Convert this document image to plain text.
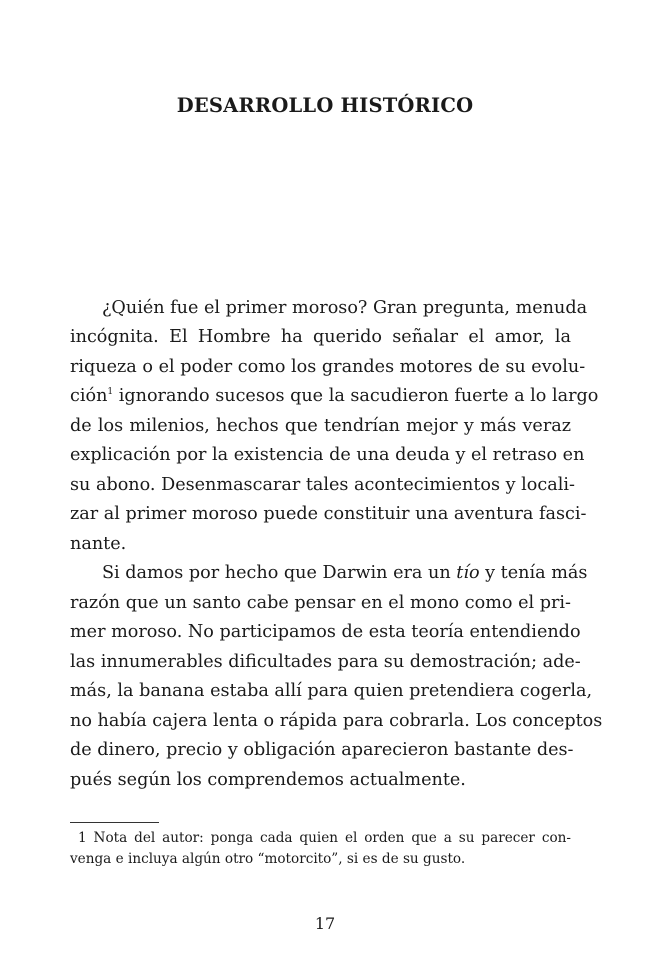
DESARROLLO HISTÓRICO
¿Quién fue el primer moroso? Gran pregunta, menuda
incógnita. El Hombre ha querido señalar el amor, la
riqueza o el poder como los grandes motores de su evolu-
ción$^1$ ignorando sucesos que la sacudieron fuerte a lo largo
de los milenios, hechos que tendrían mejor y más veraz
explicación por la existencia de una deuda y el retraso en
su abono. Desenmascarar tales acontecimientos y locali-
zar al primer moroso puede constituir una aventura fasci-
nante.
Si damos por hecho que Darwin era un tío y tenía más
razón que un santo cabe pensar en el mono como el pri-
mer moroso. No participamos de esta teoría entendiendo
las innumerables dificultades para su demostración; ade-
más, la banana estaba allí para quien pretendiera cogerla,
no había cajera lenta o rápida para cobrarla. Los conceptos
de dinero, precio y obligación aparecieron bastante des-
pués según los comprendemos actualmente.
1 Nota del autor: ponga cada quien el orden que a su parecer con-
venga e incluya algún otro “motorcito”, si es de su gusto.
17
